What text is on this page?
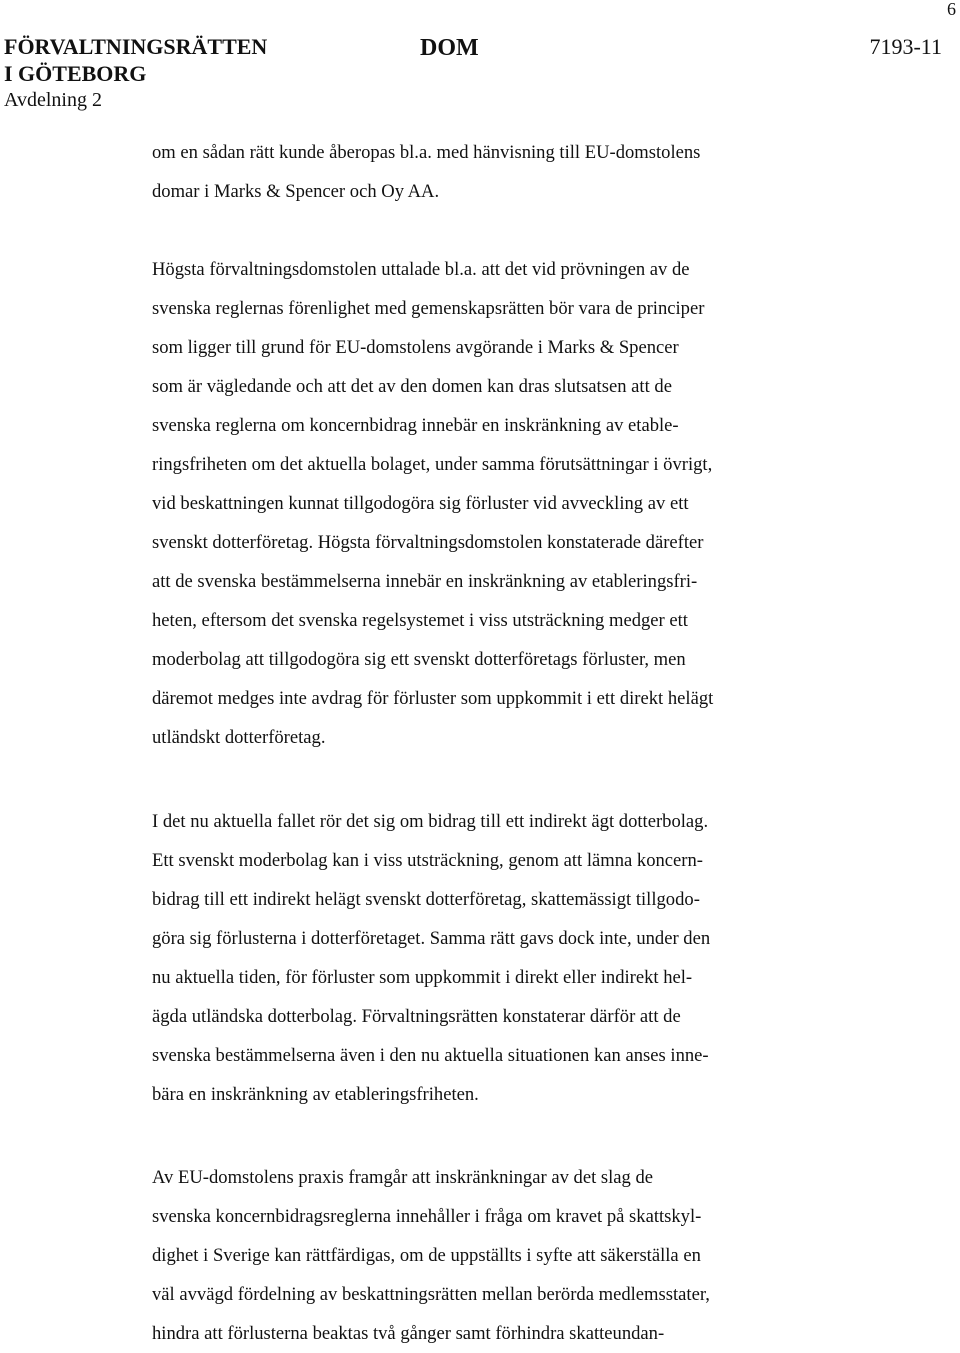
6
FÖRVALTNINGSRÄTTEN
I GÖTEBORG
Avdelning 2
DOM	7193-11

om en sådan rätt kunde åberopas bl.a. med hänvisning till EU-domstolens
domar i Marks & Spencer och Oy AA.

Högsta förvaltningsdomstolen uttalade bl.a. att det vid prövningen av de
svenska reglernas förenlighet med gemenskapsrätten bör vara de principer
som ligger till grund för EU-domstolens avgörande i Marks & Spencer
som är vägledande och att det av den domen kan dras slutsatsen att de
svenska reglerna om koncernbidrag innebär en inskränkning av etable-
ringsfriheten om det aktuella bolaget, under samma förutsättningar i övrigt,
vid beskattningen kunnat tillgodogöra sig förluster vid avveckling av ett
svenskt dotterföretag. Högsta förvaltningsdomstolen konstaterade därefter
att de svenska bestämmelserna innebär en inskränkning av etableringsfri-
heten, eftersom det svenska regelsystemet i viss utsträckning medger ett
moderbolag att tillgodogöra sig ett svenskt dotterföretags förluster, men
däremot medges inte avdrag för förluster som uppkommit i ett direkt helägt
utländskt dotterföretag.

I det nu aktuella fallet rör det sig om bidrag till ett indirekt ägt dotterbolag.
Ett svenskt moderbolag kan i viss utsträckning, genom att lämna koncern-
bidrag till ett indirekt helägt svenskt dotterföretag, skattemässigt tillgodo-
göra sig förlusterna i dotterföretaget. Samma rätt gavs dock inte, under den
nu aktuella tiden, för förluster som uppkommit i direkt eller indirekt hel-
ägda utländska dotterbolag. Förvaltningsrätten konstaterar därför att de
svenska bestämmelserna även i den nu aktuella situationen kan anses inne-
bära en inskränkning av etableringsfriheten.

Av EU-domstolens praxis framgår att inskränkningar av det slag de
svenska koncernbidragsreglerna innehåller i fråga om kravet på skattskyl-
dighet i Sverige kan rättfärdigas, om de uppställts i syfte att säkerställa en
väl avvägd fördelning av beskattningsrätten mellan berörda medlemsstater,
hindra att förlusterna beaktas två gånger samt förhindra skatteundan-
